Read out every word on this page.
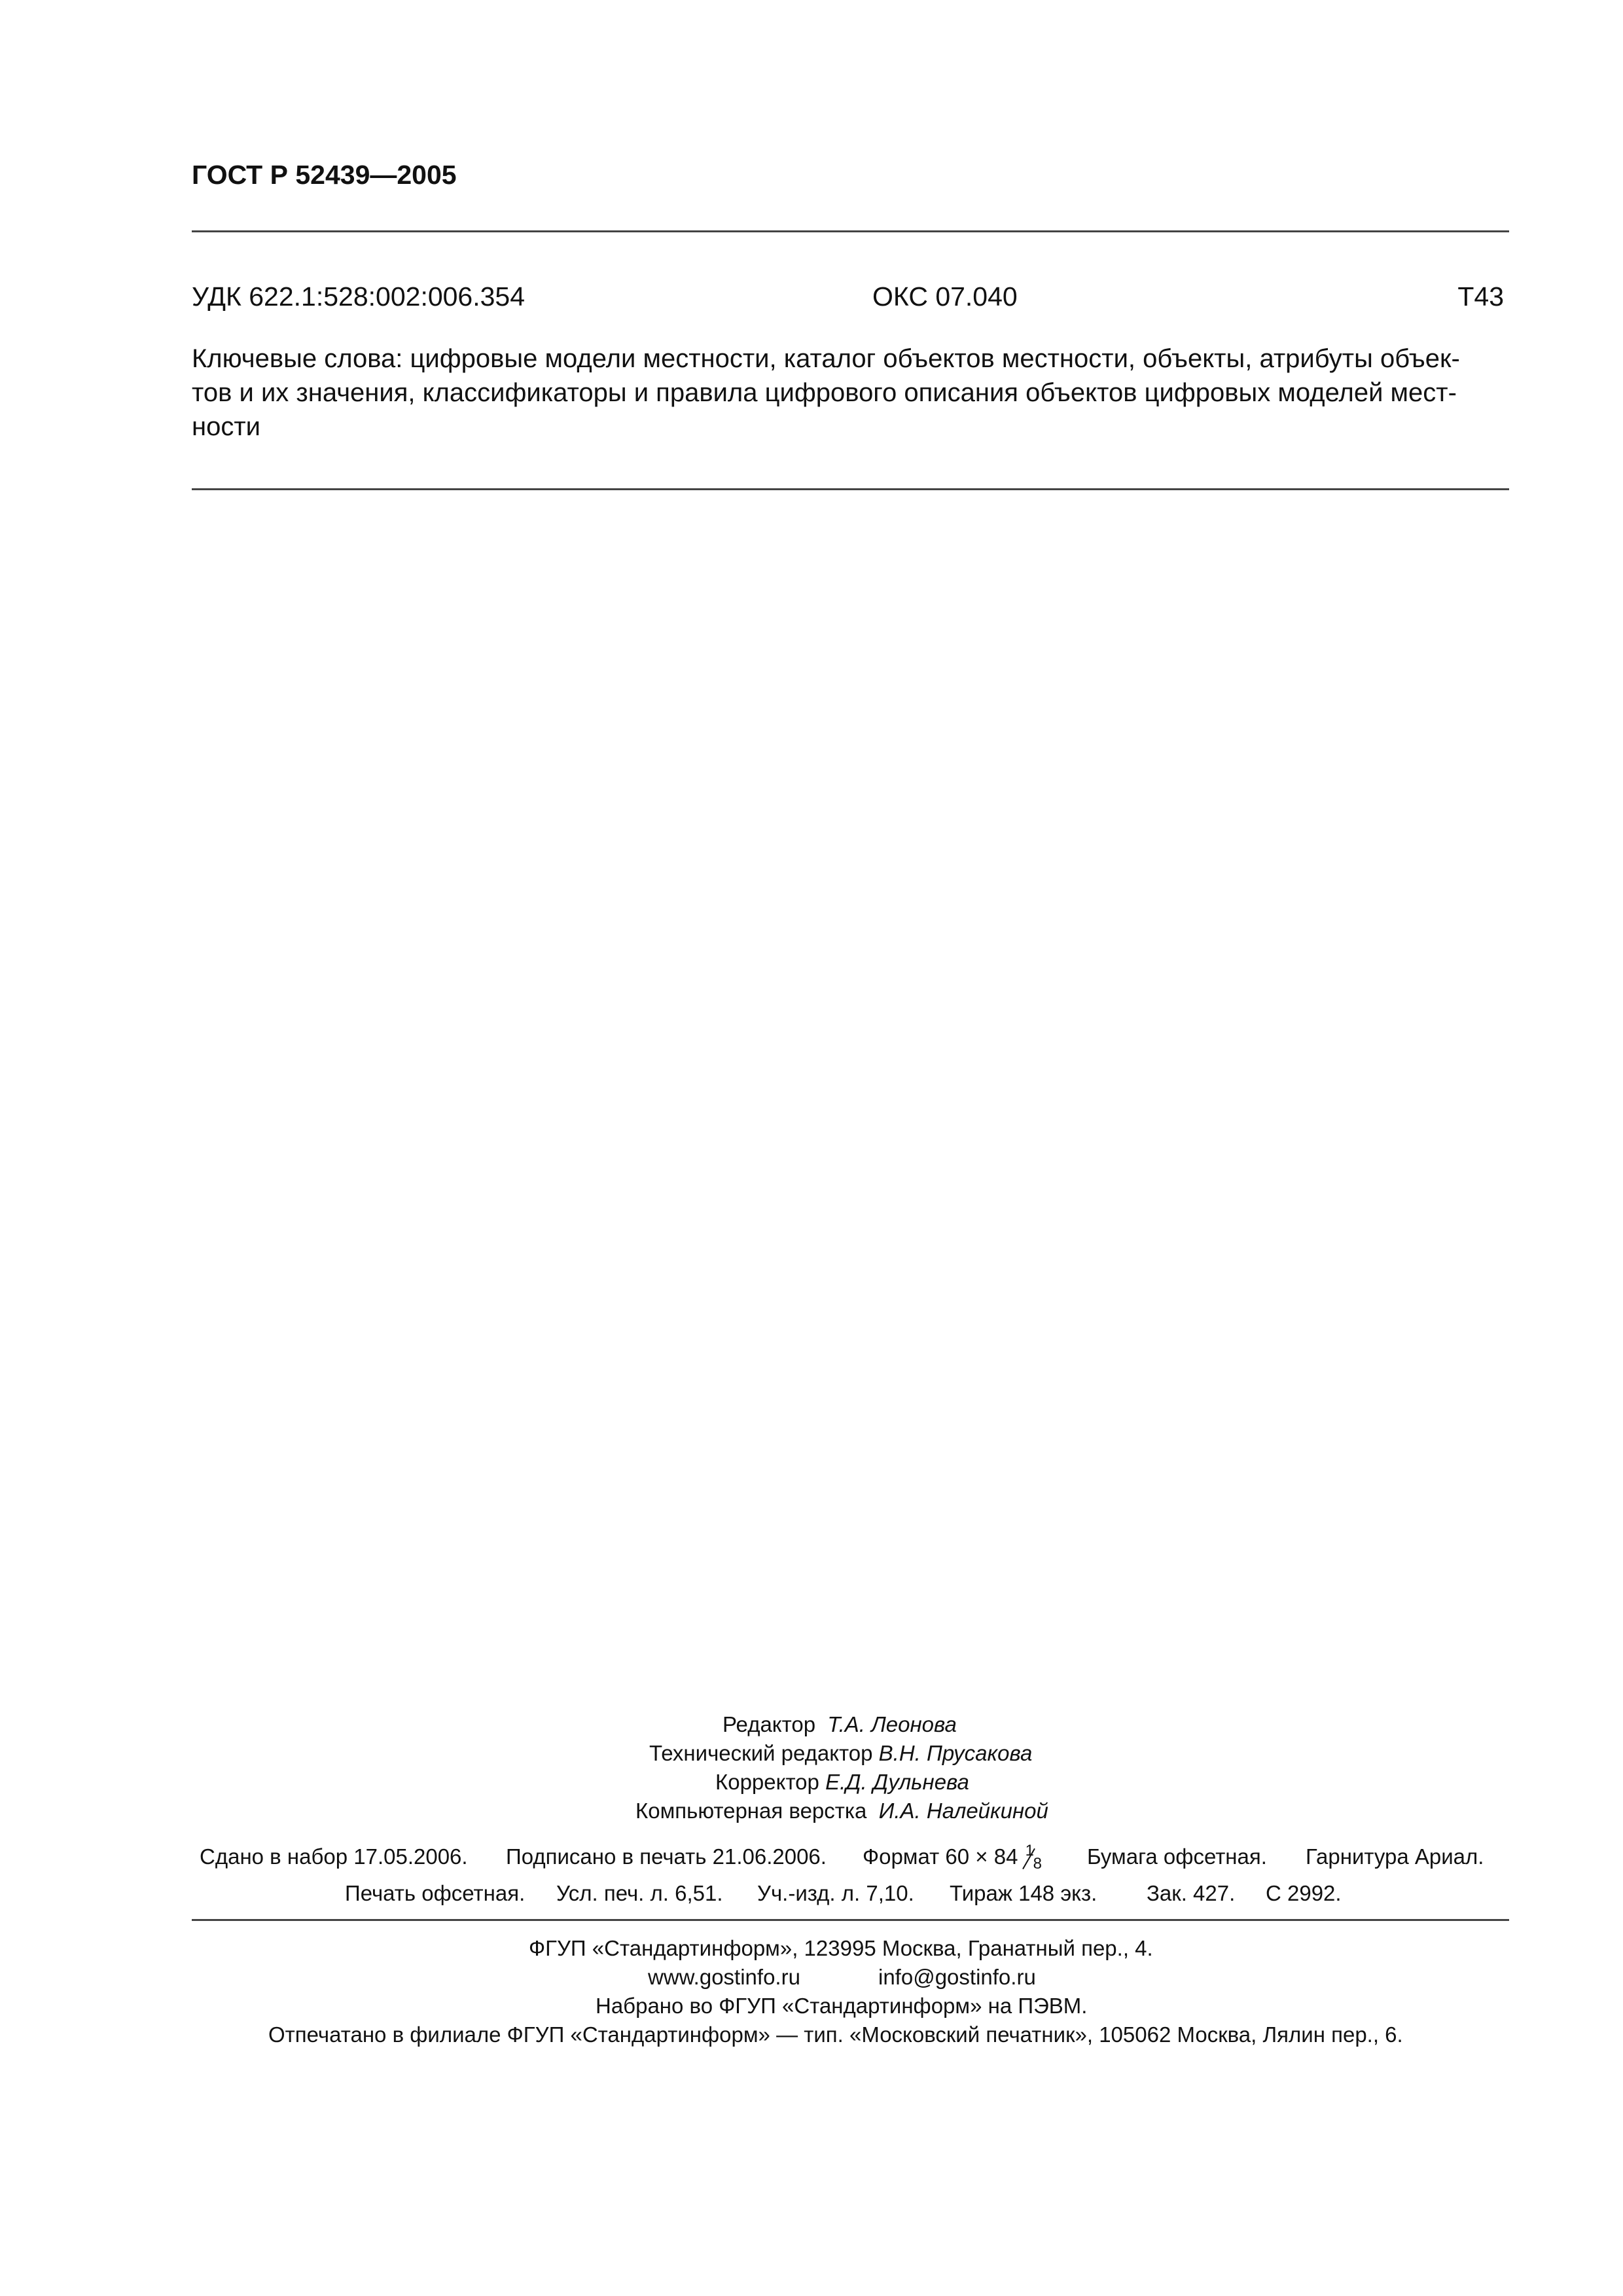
ГОСТ Р 52439—2005
УДК 622.1:528:002:006.354	ОКС 07.040	Т43
Ключевые слова: цифровые модели местности, каталог объектов местности, объекты, атрибуты объек-
тов и их значения, классификаторы и правила цифрового описания объектов цифровых моделей мест-
ности
Редактор Т.А. Леонова
Технический редактор В.Н. Прусакова
Корректор Е.Д. Дульнева
Компьютерная верстка И.А. Налейкиной
Сдано в набор 17.05.2006. Подписано в печать 21.06.2006. Формат 60 × 84 1
8 Бумага офсетная. Гарнитура Ариал.
Печать офсетная. Усл. печ. л. 6,51. Уч.-изд. л. 7,10. Тираж 148 экз. Зак. 427. С 2992.
ФГУП «Стандартинформ», 123995 Москва, Гранатный пер., 4.
www.gostinfo.ru	info@gostinfo.ru
Набрано во ФГУП «Стандартинформ» на ПЭВМ.
Отпечатано в филиале ФГУП «Стандартинформ» — тип. «Московский печатник», 105062 Москва, Лялин пер., 6.
